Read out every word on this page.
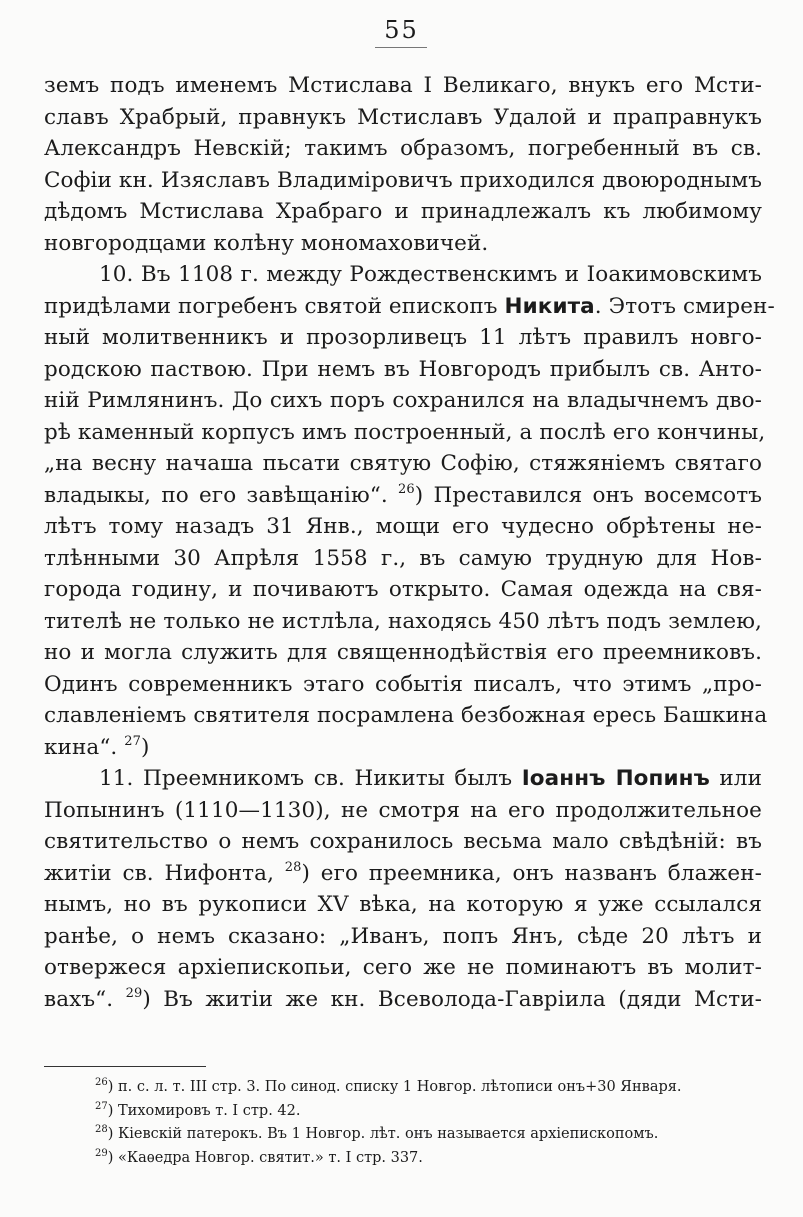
55
земъ подъ именемъ Мстислава I Великаго, внукъ его Мсти-
славъ Храбрый, правнукъ Мстиславъ Удалой и праправнукъ
Александръ Невскій; такимъ образомъ, погребенный въ св.
Софіи кн. Изяславъ Владиміровичъ приходился двоюроднымъ
дѣдомъ Мстислава Храбраго и принадлежалъ къ любимому
новгородцами колѣну мономаховичей.
10. Въ 1108 г. между Рождественскимъ и Іоакимовскимъ
придѣлами погребенъ святой епископъ Никита. Этотъ смирен-
ный молитвенникъ и прозорливецъ 11 лѣтъ правилъ новго-
родскою паствою. При немъ въ Новгородъ прибылъ св. Анто-
ній Римлянинъ. До сихъ поръ сохранился на владычнемъ дво-
рѣ каменный корпусъ имъ построенный, а послѣ его кончины,
„на весну начаша пьсати святую Софію, стяжяніемъ святаго
владыкы, по его завѣщанію“. $^{26}$) Преставился онъ восемсотъ
лѣтъ тому назадъ 31 Янв., мощи его чудесно обрѣтены не-
тлѣнными 30 Апрѣля 1558 г., въ самую трудную для Нов-
города годину, и почиваютъ открыто. Самая одежда на свя-
тителѣ не только не истлѣла, находясь 450 лѣтъ подъ землею,
но и могла служить для священнодѣйствія его преемниковъ.
Одинъ современникъ этаго событія писалъ, что этимъ „про-
славленіемъ святителя посрамлена безбожная ересь Башкина
кина“. $^{27}$)
11. Преемникомъ св. Никиты былъ Іоаннъ Попинъ или
Попынинъ (1110—1130), не смотря на его продолжительное
святительство о немъ сохранилось весьма мало свѣдѣній: въ
житіи св. Нифонта, $^{28}$) его преемника, онъ названъ блажен-
нымъ, но въ рукописи XV вѣка, на которую я уже ссылался
ранѣе, о немъ сказано: „Иванъ, попъ Янъ, сѣде 20 лѣтъ и
отвержеся архіепископьи, сего же не поминаютъ въ молит-
вахъ“. $^{29}$) Въ житіи же кн. Всеволода-Гавріила (дяди Мсти-
$^{26}$) п. с. л. т. III стр. 3. По синод. списку 1 Новгор. лѣтописи онъ+30 Января.
$^{27}$) Тихомировъ т. I стр. 42.
$^{28}$) Кіевскій патерокъ. Въ 1 Новгор. лѣт. онъ называется архіепископомъ.
$^{29}$) «Каѳедра Новгор. святит.» т. I стр. 337.
